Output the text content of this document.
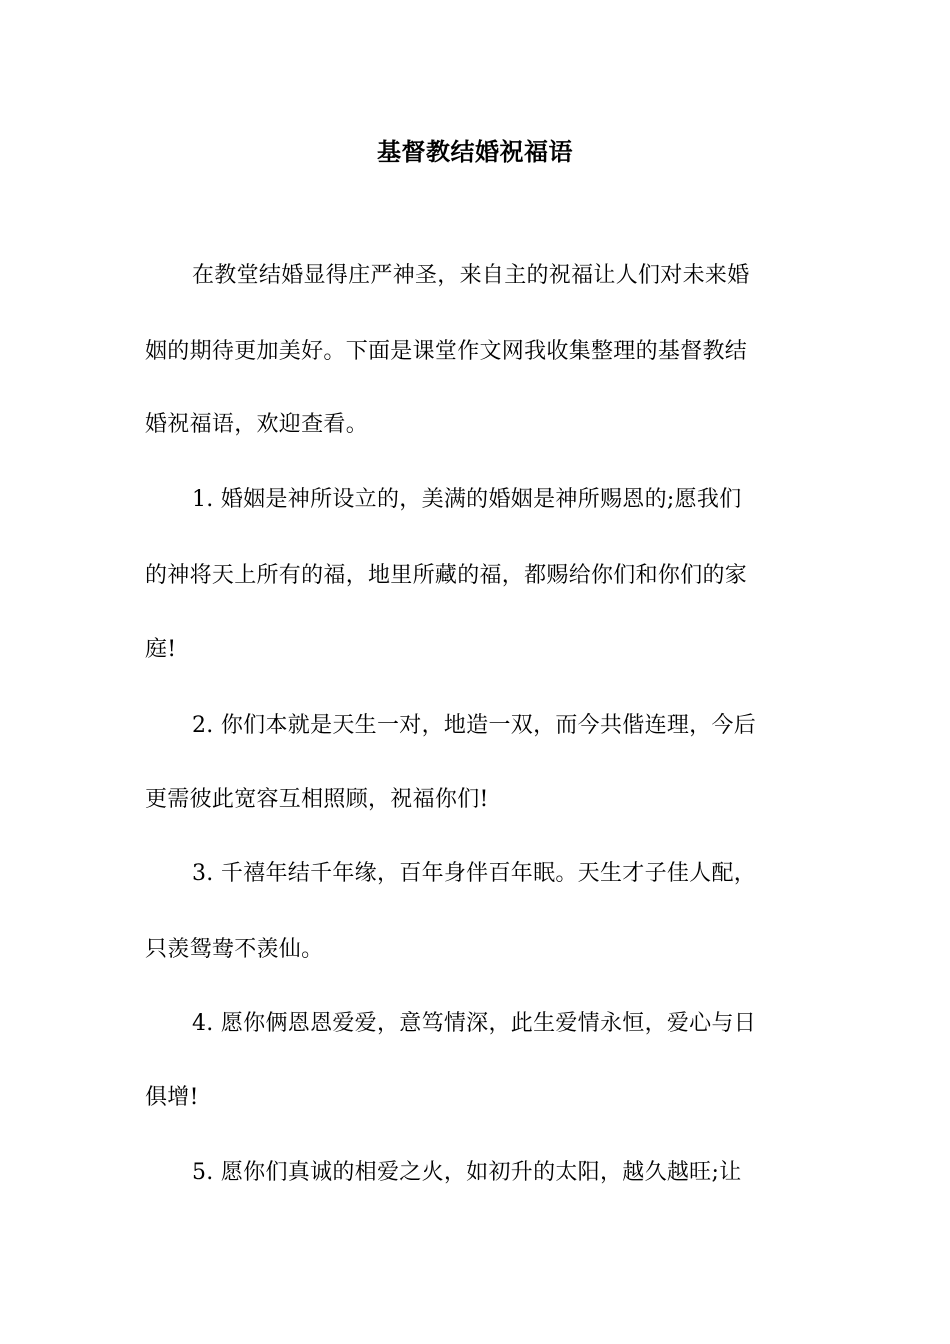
基督教结婚祝福语
在教堂结婚显得庄严神圣，来自主的祝福让人们对未来婚
姻的期待更加美好。下面是课堂作文网我收集整理的基督教结
婚祝福语，欢迎查看。
1. 婚姻是神所设立的，美满的婚姻是神所赐恩的;愿我们
的神将天上所有的福，地里所藏的福，都赐给你们和你们的家
庭!
2. 你们本就是天生一对，地造一双，而今共偕连理，今后
更需彼此宽容互相照顾，祝福你们!
3. 千禧年结千年缘，百年身伴百年眠。天生才子佳人配，
只羡鸳鸯不羡仙。
4. 愿你俩恩恩爱爱，意笃情深，此生爱情永恒，爱心与日
俱增!
5. 愿你们真诚的相爱之火，如初升的太阳，越久越旺;让
